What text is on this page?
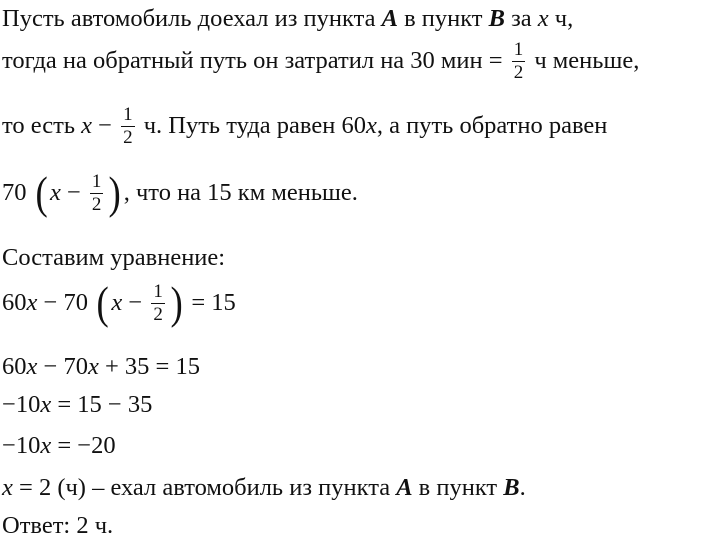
Пусть автомобиль доехал из пункта A в пункт B за x ч,
тогда на обратный путь он затратил на 30 мин = $\frac{1}{2}$ ч меньше,
то есть $x - \frac{1}{2} ч$. Путь туда равен 60x, а путь обратно равен
70 ( $x - \frac{1}{2}$ ) , что на 15 км меньше.
Составим уравнение:
60x − 70 ( $x - \frac{1}{2}$ ) = 15
60x − 70x + 35 = 15
−10x = 15 − 35
−10x = −20
x = 2 (ч) – ехал автомобиль из пункта A в пункт B.
Ответ: 2 ч.
